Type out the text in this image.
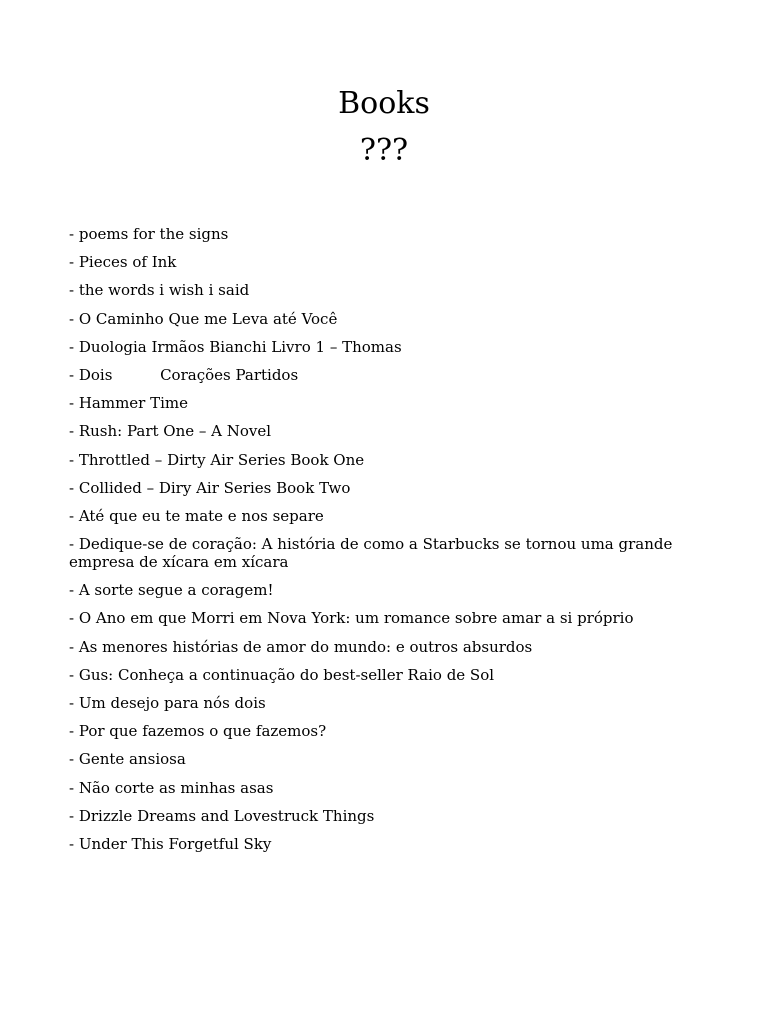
Books
???
- poems for the signs
- Pieces of Ink
- the words i wish i said
- O Caminho Que me Leva até Você
- Duologia Irmãos Bianchi Livro 1 – Thomas
- Dois          Corações Partidos
- Hammer Time
- Rush: Part One – A Novel
- Throttled – Dirty Air Series Book One
- Collided – Diry Air Series Book Two
- Até que eu te mate e nos separe
- Dedique-se de coração: A história de como a Starbucks se tornou uma grande empresa de xícara em xícara
- A sorte segue a coragem!
- O Ano em que Morri em Nova York: um romance sobre amar a si próprio
- As menores histórias de amor do mundo: e outros absurdos
- Gus: Conheça a continuação do best-seller Raio de Sol
- Um desejo para nós dois
- Por que fazemos o que fazemos?
- Gente ansiosa
- Não corte as minhas asas
- Drizzle Dreams and Lovestruck Things
- Under This Forgetful Sky
